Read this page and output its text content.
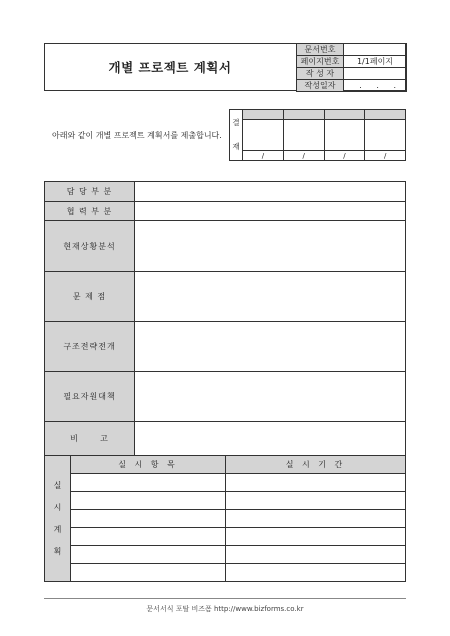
개별 프로젝트 계획서
문서번호	
페이지번호	1/1페이지
작 성 자	
작성일자	. . .
아래와 같이 개별 프로젝트 계획서를 제출합니다.
결
재				

	/	/	/	/
담 당 부 분	
협 력 부 분	
현재상황분석	
문 제 점	
구조전략전개	
필요자원대책	
비      고	
실
시
계
획	실 시 항 목	실 시 기 간

문서서식 포탈 비즈폼 http://www.bizforms.co.kr
